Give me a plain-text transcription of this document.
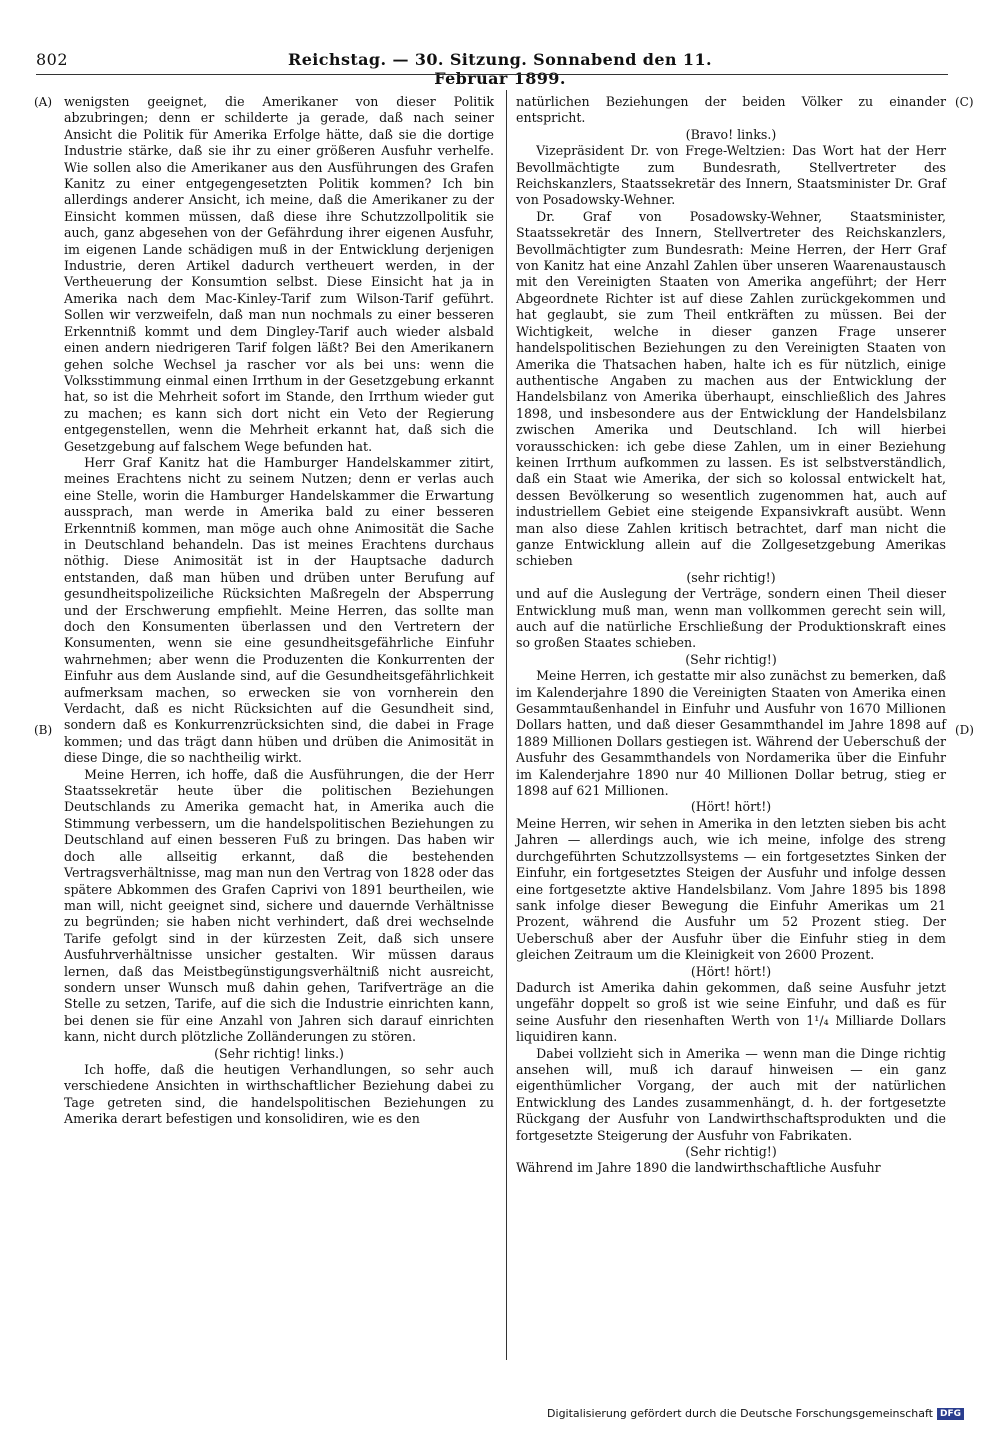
802	Reichstag. — 30. Sitzung. Sonnabend den 11. Februar 1899.
(A)
(B)
(C)
(D)

wenigsten geeignet, die Amerikaner von dieser Politik abzubringen; denn er schilderte ja gerade, daß nach seiner Ansicht die Politik für Amerika Erfolge hätte, daß sie die dortige Industrie stärke, daß sie ihr zu einer größeren Ausfuhr verhelfe. Wie sollen also die Amerikaner aus den Ausführungen des Grafen Kanitz zu einer entgegengesetzten Politik kommen? Ich bin allerdings anderer Ansicht, ich meine, daß die Amerikaner zu der Einsicht kommen müssen, daß diese ihre Schutzzollpolitik sie auch, ganz abgesehen von der Gefährdung ihrer eigenen Ausfuhr, im eigenen Lande schädigen muß in der Entwicklung derjenigen Industrie, deren Artikel dadurch vertheuert werden, in der Vertheuerung der Konsumtion selbst. Diese Einsicht hat ja in Amerika nach dem Mac-Kinley-Tarif zum Wilson-Tarif geführt. Sollen wir verzweifeln, daß man nun nochmals zu einer besseren Erkenntniß kommt und dem Dingley-Tarif auch wieder alsbald einen andern niedrigeren Tarif folgen läßt? Bei den Amerikanern gehen solche Wechsel ja rascher vor als bei uns: wenn die Volksstimmung einmal einen Irrthum in der Gesetzgebung erkannt hat, so ist die Mehrheit sofort im Stande, den Irrthum wieder gut zu machen; es kann sich dort nicht ein Veto der Regierung entgegenstellen, wenn die Mehrheit erkannt hat, daß sich die Gesetzgebung auf falschem Wege befunden hat.

Herr Graf Kanitz hat die Hamburger Handelskammer zitirt, meines Erachtens nicht zu seinem Nutzen; denn er verlas auch eine Stelle, worin die Hamburger Handelskammer die Erwartung aussprach, man werde in Amerika bald zu einer besseren Erkenntniß kommen, man möge auch ohne Animosität die Sache in Deutschland behandeln. Das ist meines Erachtens durchaus nöthig. Diese Animosität ist in der Hauptsache dadurch entstanden, daß man hüben und drüben unter Berufung auf gesundheitspolizeiliche Rücksichten Maßregeln der Absperrung und der Erschwerung empfiehlt. Meine Herren, das sollte man doch den Konsumenten überlassen und den Vertretern der Konsumenten, wenn sie eine gesundheitsgefährliche Einfuhr wahrnehmen; aber wenn die Produzenten die Konkurrenten der Einfuhr aus dem Auslande sind, auf die Gesundheitsgefährlichkeit aufmerksam machen, so erwecken sie von vornherein den Verdacht, daß es nicht Rücksichten auf die Gesundheit sind, sondern daß es Konkurrenzrücksichten sind, die dabei in Frage kommen; und das trägt dann hüben und drüben die Animosität in diese Dinge, die so nachtheilig wirkt.

Meine Herren, ich hoffe, daß die Ausführungen, die der Herr Staatssekretär heute über die politischen Beziehungen Deutschlands zu Amerika gemacht hat, in Amerika auch die Stimmung verbessern, um die handelspolitischen Beziehungen zu Deutschland auf einen besseren Fuß zu bringen. Das haben wir doch alle allseitig erkannt, daß die bestehenden Vertragsverhältnisse, mag man nun den Vertrag von 1828 oder das spätere Abkommen des Grafen Caprivi von 1891 beurtheilen, wie man will, nicht geeignet sind, sichere und dauernde Verhältnisse zu begründen; sie haben nicht verhindert, daß drei wechselnde Tarife gefolgt sind in der kürzesten Zeit, daß sich unsere Ausfuhrverhältnisse unsicher gestalten. Wir müssen daraus lernen, daß das Meistbegünstigungsverhältniß nicht ausreicht, sondern unser Wunsch muß dahin gehen, Tarifverträge an die Stelle zu setzen, Tarife, auf die sich die Industrie einrichten kann, bei denen sie für eine Anzahl von Jahren sich darauf einrichten kann, nicht durch plötzliche Zolländerungen zu stören.

(Sehr richtig! links.)

Ich hoffe, daß die heutigen Verhandlungen, so sehr auch verschiedene Ansichten in wirthschaftlicher Beziehung dabei zu Tage getreten sind, die handelspolitischen Beziehungen zu Amerika derart befestigen und konsolidiren, wie es den

natürlichen Beziehungen der beiden Völker zu einander entspricht.

(Bravo! links.)

Vizepräsident Dr. von Frege-Weltzien: Das Wort hat der Herr Bevollmächtigte zum Bundesrath, Stellvertreter des Reichskanzlers, Staatssekretär des Innern, Staatsminister Dr. Graf von Posadowsky-Wehner.

Dr. Graf von Posadowsky-Wehner, Staatsminister, Staatssekretär des Innern, Stellvertreter des Reichskanzlers, Bevollmächtigter zum Bundesrath: Meine Herren, der Herr Graf von Kanitz hat eine Anzahl Zahlen über unseren Waarenaustausch mit den Vereinigten Staaten von Amerika angeführt; der Herr Abgeordnete Richter ist auf diese Zahlen zurückgekommen und hat geglaubt, sie zum Theil entkräften zu müssen. Bei der Wichtigkeit, welche in dieser ganzen Frage unserer handelspolitischen Beziehungen zu den Vereinigten Staaten von Amerika die Thatsachen haben, halte ich es für nützlich, einige authentische Angaben zu machen aus der Entwicklung der Handelsbilanz von Amerika überhaupt, einschließlich des Jahres 1898, und insbesondere aus der Entwicklung der Handelsbilanz zwischen Amerika und Deutschland. Ich will hierbei vorausschicken: ich gebe diese Zahlen, um in einer Beziehung keinen Irrthum aufkommen zu lassen. Es ist selbstverständlich, daß ein Staat wie Amerika, der sich so kolossal entwickelt hat, dessen Bevölkerung so wesentlich zugenommen hat, auch auf industriellem Gebiet eine steigende Expansivkraft ausübt. Wenn man also diese Zahlen kritisch betrachtet, darf man nicht die ganze Entwicklung allein auf die Zollgesetzgebung Amerikas schieben

(sehr richtig!)

und auf die Auslegung der Verträge, sondern einen Theil dieser Entwicklung muß man, wenn man vollkommen gerecht sein will, auch auf die natürliche Erschließung der Produktionskraft eines so großen Staates schieben.

(Sehr richtig!)

Meine Herren, ich gestatte mir also zunächst zu bemerken, daß im Kalenderjahre 1890 die Vereinigten Staaten von Amerika einen Gesammtaußenhandel in Einfuhr und Ausfuhr von 1670 Millionen Dollars hatten, und daß dieser Gesammthandel im Jahre 1898 auf 1889 Millionen Dollars gestiegen ist. Während der Ueberschuß der Ausfuhr des Gesammthandels von Nordamerika über die Einfuhr im Kalenderjahre 1890 nur 40 Millionen Dollar betrug, stieg er 1898 auf 621 Millionen.

(Hört! hört!)

Meine Herren, wir sehen in Amerika in den letzten sieben bis acht Jahren — allerdings auch, wie ich meine, infolge des streng durchgeführten Schutzzollsystems — ein fortgesetztes Sinken der Einfuhr, ein fortgesetztes Steigen der Ausfuhr und infolge dessen eine fortgesetzte aktive Handelsbilanz. Vom Jahre 1895 bis 1898 sank infolge dieser Bewegung die Einfuhr Amerikas um 21 Prozent, während die Ausfuhr um 52 Prozent stieg. Der Ueberschuß aber der Ausfuhr über die Einfuhr stieg in dem gleichen Zeitraum um die Kleinigkeit von 2600 Prozent.

(Hört! hört!)

Dadurch ist Amerika dahin gekommen, daß seine Ausfuhr jetzt ungefähr doppelt so groß ist wie seine Einfuhr, und daß es für seine Ausfuhr den riesenhaften Werth von 1¹/₄ Milliarde Dollars liquidiren kann.

Dabei vollzieht sich in Amerika — wenn man die Dinge richtig ansehen will, muß ich darauf hinweisen — ein ganz eigenthümlicher Vorgang, der auch mit der natürlichen Entwicklung des Landes zusammenhängt, d. h. der fortgesetzte Rückgang der Ausfuhr von Landwirthschaftsprodukten und die fortgesetzte Steigerung der Ausfuhr von Fabrikaten.

(Sehr richtig!)

Während im Jahre 1890 die landwirthschaftliche Ausfuhr

Digitalisierung gefördert durch die Deutsche Forschungsgemeinschaft DFG
